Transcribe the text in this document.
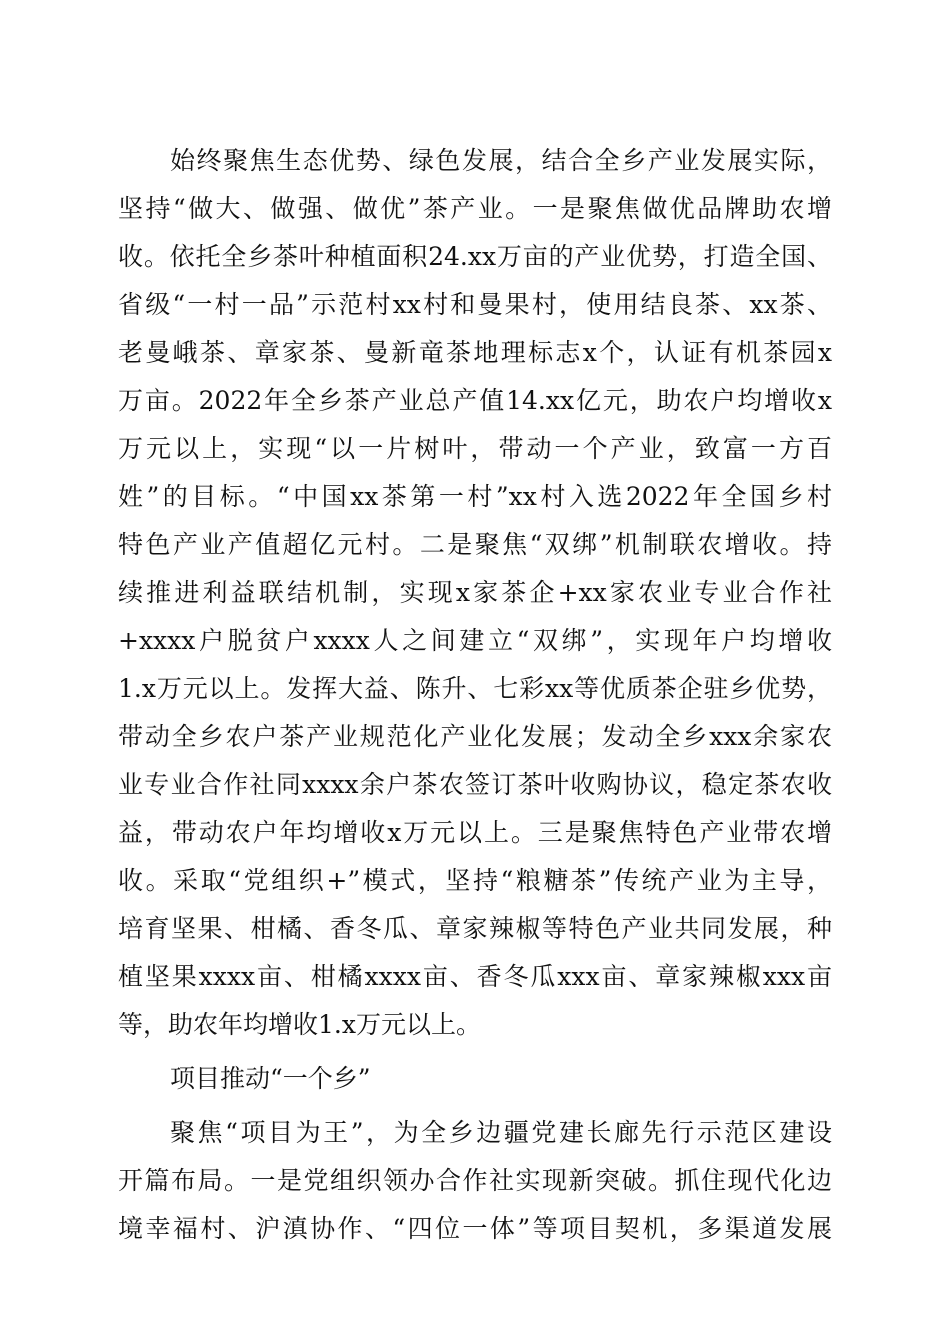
始终聚焦生态优势、绿色发展，结合全乡产业发展实际，
坚持“做大、做强、做优”茶产业。一是聚焦做优品牌助农增
收。依托全乡茶叶种植面积24.xx万亩的产业优势，打造全国、
省级“一村一品”示范村xx村和曼果村，使用结良茶、xx茶、
老曼峨茶、章家茶、曼新竜茶地理标志x个，认证有机茶园x
万亩。2022年全乡茶产业总产值14.xx亿元，助农户均增收x
万元以上，实现“以一片树叶，带动一个产业，致富一方百
姓”的目标。“中国xx茶第一村”xx村入选2022年全国乡村
特色产业产值超亿元村。二是聚焦“双绑”机制联农增收。持
续推进利益联结机制，实现x家茶企+xx家农业专业合作社
+xxxx户脱贫户xxxx人之间建立“双绑”，实现年户均增收
1.x万元以上。发挥大益、陈升、七彩xx等优质茶企驻乡优势，
带动全乡农户茶产业规范化产业化发展；发动全乡xxx余家农
业专业合作社同xxxx余户茶农签订茶叶收购协议，稳定茶农收
益，带动农户年均增收x万元以上。三是聚焦特色产业带农增
收。采取“党组织+”模式，坚持“粮糖茶”传统产业为主导，
培育坚果、柑橘、香冬瓜、章家辣椒等特色产业共同发展，种
植坚果xxxx亩、柑橘xxxx亩、香冬瓜xxx亩、章家辣椒xxx亩
等，助农年均增收1.x万元以上。
项目推动“一个乡”
聚焦“项目为王”，为全乡边疆党建长廊先行示范区建设
开篇布局。一是党组织领办合作社实现新突破。抓住现代化边
境幸福村、沪滇协作、“四位一体”等项目契机，多渠道发展
